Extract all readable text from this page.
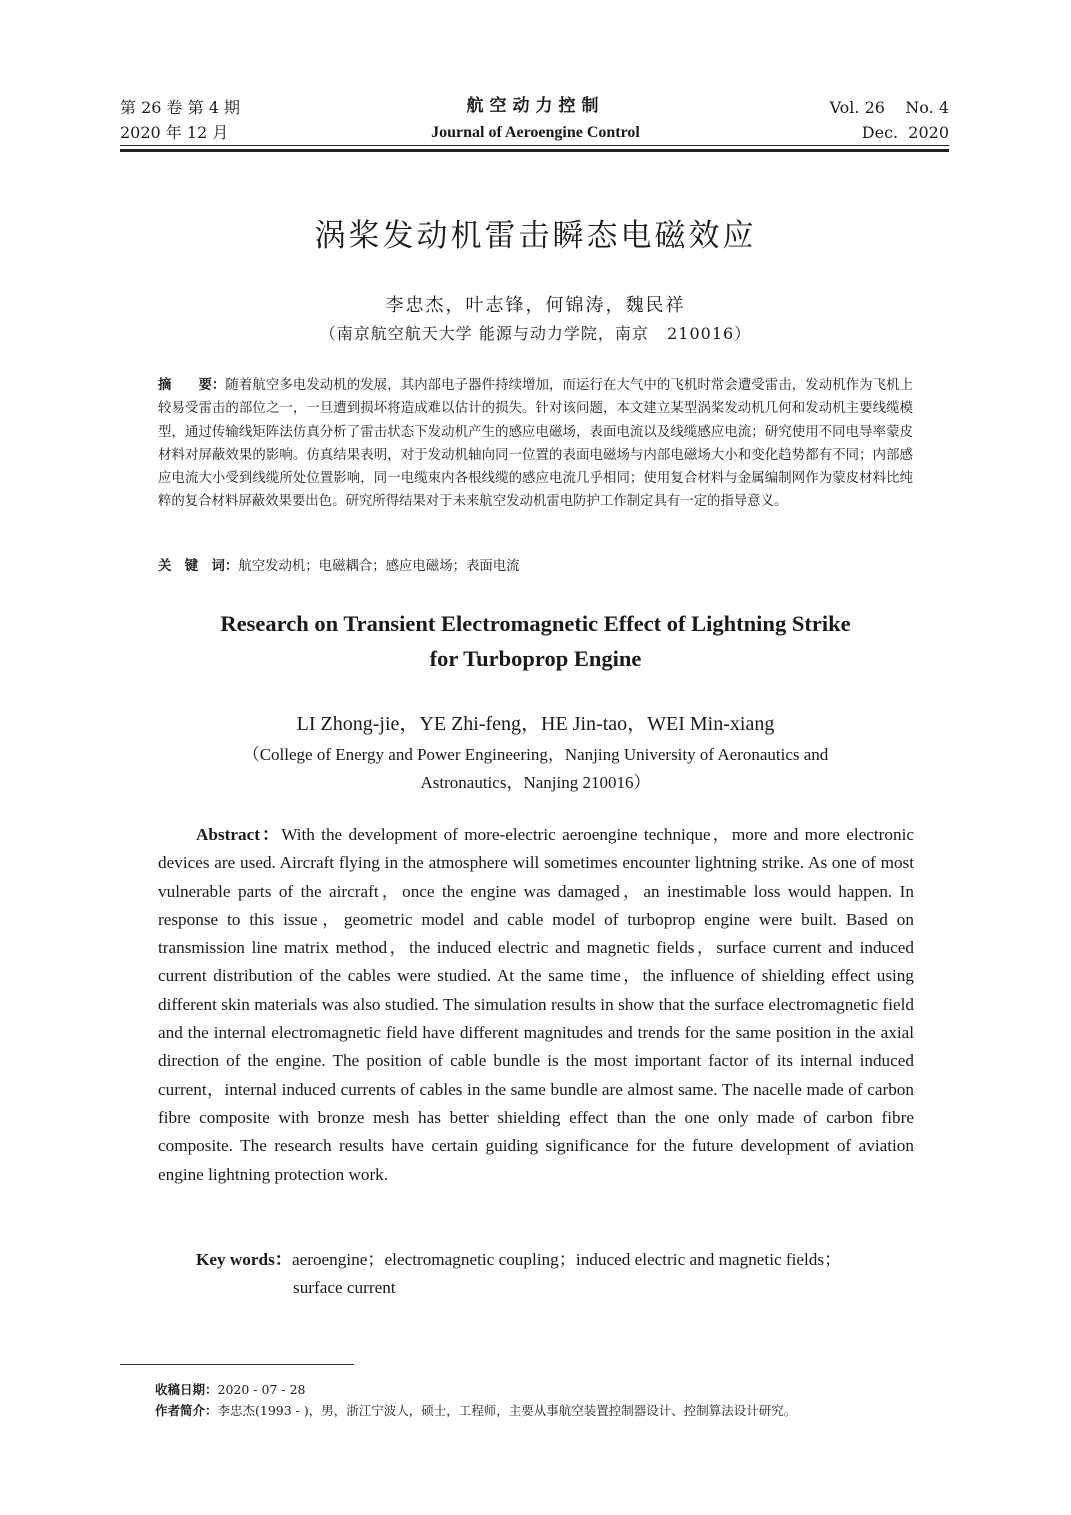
第 26 卷 第 4 期
2020 年 12 月
航空动力控制
Journal of Aeroengine Control
Vol. 26    No. 4
Dec.  2020
涡桨发动机雷击瞬态电磁效应
李忠杰，叶志锋，何锦涛，魏民祥
（南京航空航天大学 能源与动力学院，南京   210016）
摘　　要：随着航空多电发动机的发展，其内部电子器件持续增加，而运行在大气中的飞机时常会遭受雷击，发动机作为飞机上较易受雷击的部位之一，一旦遭到损坏将造成难以估计的损失。针对该问题，本文建立某型涡桨发动机几何和发动机主要线缆模型，通过传输线矩阵法仿真分析了雷击状态下发动机产生的感应电磁场，表面电流以及线缆感应电流；研究使用不同电导率蒙皮材料对屏蔽效果的影响。仿真结果表明，对于发动机轴向同一位置的表面电磁场与内部电磁场大小和变化趋势都有不同；内部感应电流大小受到线缆所处位置影响，同一电缆束内各根线缆的感应电流几乎相同；使用复合材料与金属编制网作为蒙皮材料比纯粹的复合材料屏蔽效果要出色。研究所得结果对于未来航空发动机雷电防护工作制定具有一定的指导意义。
关　键　词：航空发动机；电磁耦合；感应电磁场；表面电流
Research on Transient Electromagnetic Effect of Lightning Strike
for Turboprop Engine
LI Zhong-jie，YE Zhi-feng，HE Jin-tao，WEI Min-xiang
（College of Energy and Power Engineering，Nanjing University of Aeronautics and
Astronautics，Nanjing 210016）
Abstract：With the development of more-electric aeroengine technique，more and more electronic devices are used. Aircraft flying in the atmosphere will sometimes encounter lightning strike. As one of most vulnerable parts of the aircraft，once the engine was damaged，an inestimable loss would happen. In response to this issue，geometric model and cable model of turboprop engine were built. Based on transmission line matrix method，the induced electric and magnetic fields，surface current and induced current distribution of the cables were studied. At the same time，the influence of shielding effect using different skin materials was also studied. The simulation results in show that the surface electromagnetic field and the internal electromagnetic field have different magnitudes and trends for the same position in the axial direction of the engine. The position of cable bundle is the most important factor of its internal induced current，internal induced currents of cables in the same bundle are almost same. The nacelle made of carbon fibre composite with bronze mesh has better shielding effect than the one only made of carbon fibre composite. The research results have certain guiding significance for the future development of aviation engine lightning protection work.
Key words：aeroengine；electromagnetic coupling；induced electric and magnetic fields；
surface current
收稿日期：2020 - 07 - 28
作者简介：李忠杰(1993 - )，男，浙江宁波人，硕士，工程师，主要从事航空装置控制器设计、控制算法设计研究。
